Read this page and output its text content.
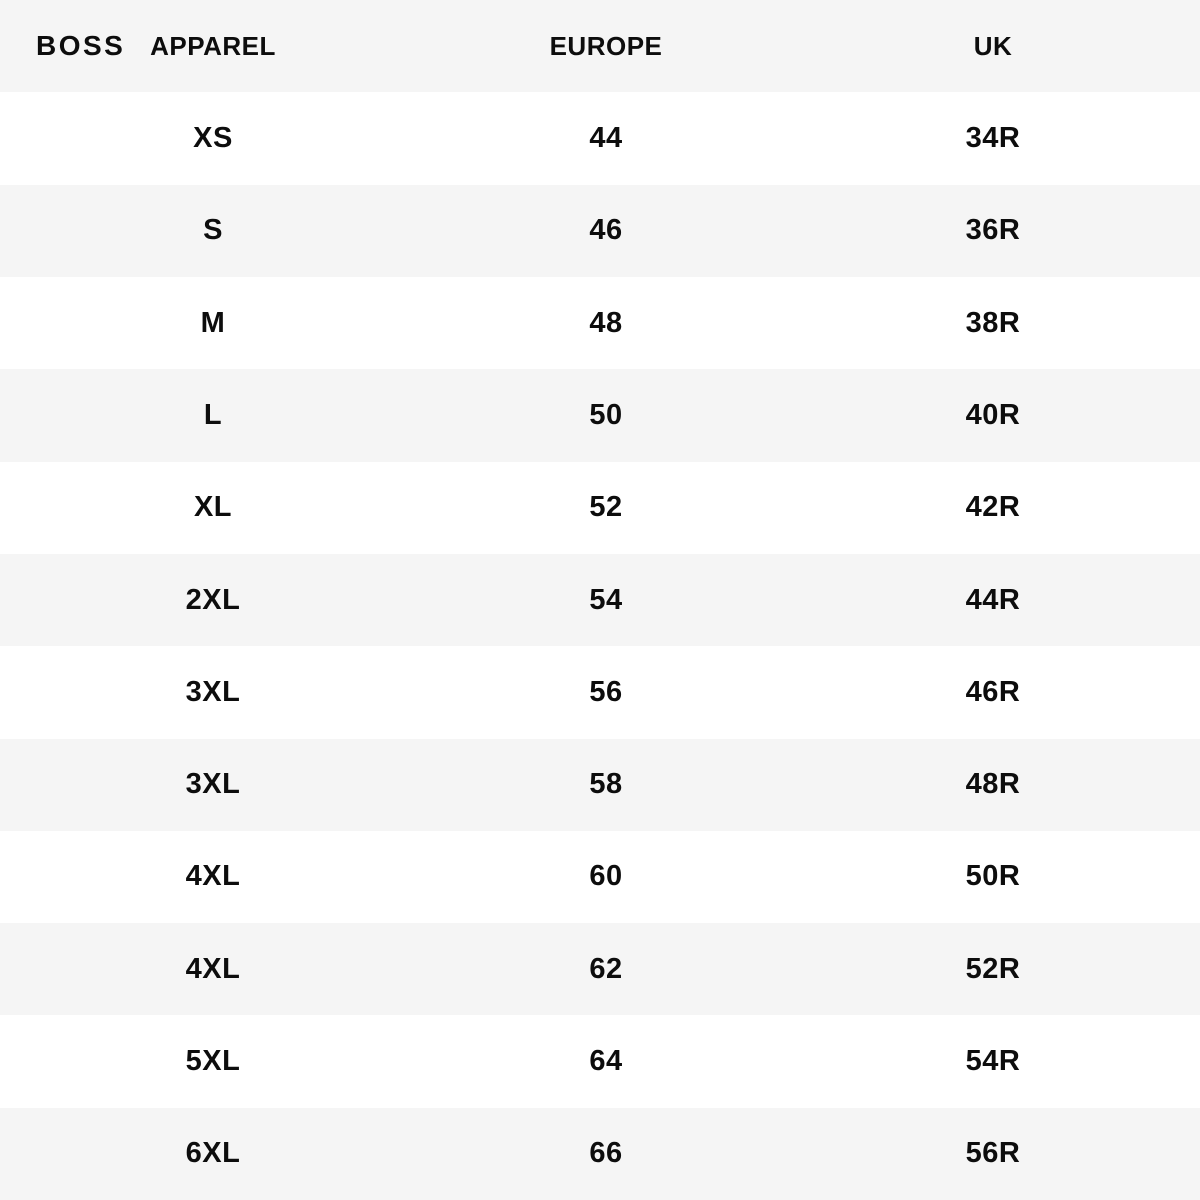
BOSS APPAREL	EUROPE	UK
XS	44	34R
S	46	36R
M	48	38R
L	50	40R
XL	52	42R
2XL	54	44R
3XL	56	46R
3XL	58	48R
4XL	60	50R
4XL	62	52R
5XL	64	54R
6XL	66	56R
